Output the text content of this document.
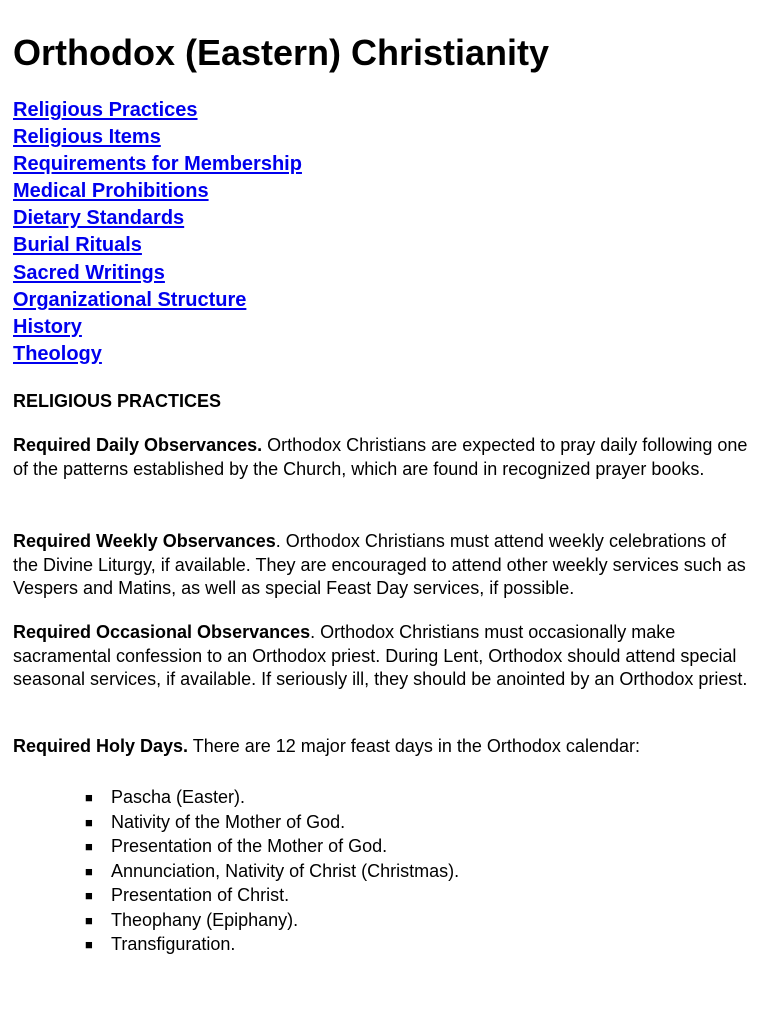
Orthodox (Eastern) Christianity
Religious Practices
Religious Items
Requirements for Membership
Medical Prohibitions
Dietary Standards
Burial Rituals
Sacred Writings
Organizational Structure
History
Theology

RELIGIOUS PRACTICES

Required Daily Observances. Orthodox Christians are expected to pray daily following one of the patterns established by the Church, which are found in recognized prayer books.

Required Weekly Observances. Orthodox Christians must attend weekly celebrations of the Divine Liturgy, if available. They are encouraged to attend other weekly services such as Vespers and Matins, as well as special Feast Day services, if possible.

Required Occasional Observances. Orthodox Christians must occasionally make sacramental confession to an Orthodox priest. During Lent, Orthodox should attend special seasonal services, if available. If seriously ill, they should be anointed by an Orthodox priest.

Required Holy Days. There are 12 major feast days in the Orthodox calendar:

■ Pascha (Easter).
■ Nativity of the Mother of God.
■ Presentation of the Mother of God.
■ Annunciation, Nativity of Christ (Christmas).
■ Presentation of Christ.
■ Theophany (Epiphany).
■ Transfiguration.
